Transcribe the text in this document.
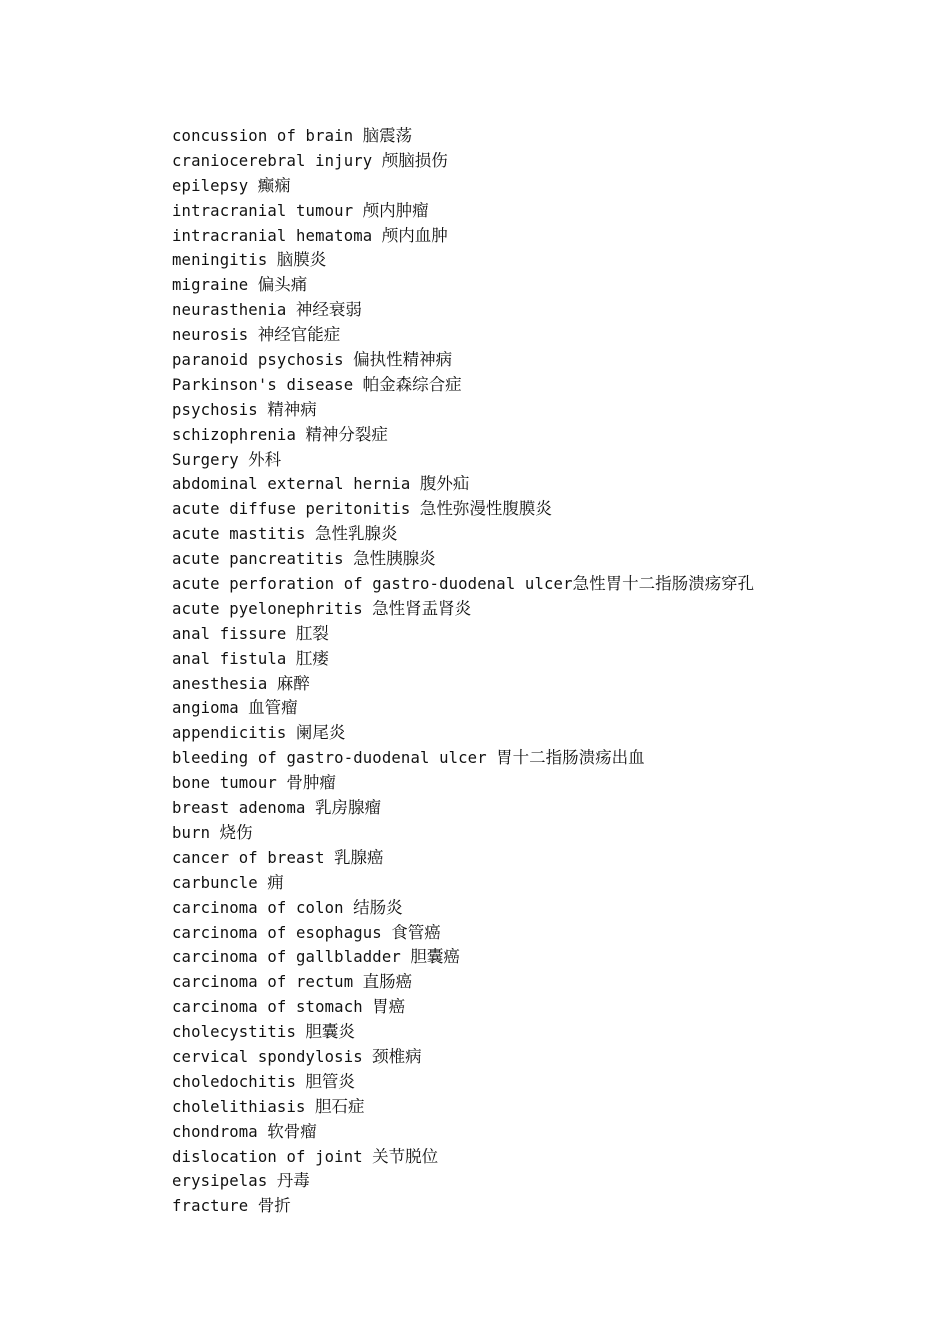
concussion of brain 脑震荡
craniocerebral injury 颅脑损伤
epilepsy 癫痫
intracranial tumour 颅内肿瘤
intracranial hematoma 颅内血肿
meningitis 脑膜炎
migraine 偏头痛
neurasthenia 神经衰弱
neurosis 神经官能症
paranoid psychosis 偏执性精神病
Parkinson's disease 帕金森综合症
psychosis 精神病
schizophrenia 精神分裂症
Surgery 外科
abdominal external hernia 腹外疝
acute diffuse peritonitis 急性弥漫性腹膜炎
acute mastitis 急性乳腺炎
acute pancreatitis 急性胰腺炎
acute perforation of gastro-duodenal ulcer急性胃十二指肠溃疡穿孔
acute pyelonephritis 急性肾盂肾炎
anal fissure 肛裂
anal fistula 肛瘘
anesthesia 麻醉
angioma 血管瘤
appendicitis 阑尾炎
bleeding of gastro-duodenal ulcer 胃十二指肠溃疡出血
bone tumour 骨肿瘤
breast adenoma 乳房腺瘤
burn 烧伤
cancer of breast 乳腺癌
carbuncle 痈
carcinoma of colon 结肠炎
carcinoma of esophagus 食管癌
carcinoma of gallbladder 胆囊癌
carcinoma of rectum 直肠癌
carcinoma of stomach 胃癌
cholecystitis 胆囊炎
cervical spondylosis 颈椎病
choledochitis 胆管炎
cholelithiasis 胆石症
chondroma 软骨瘤
dislocation of joint 关节脱位
erysipelas 丹毒
fracture 骨折
